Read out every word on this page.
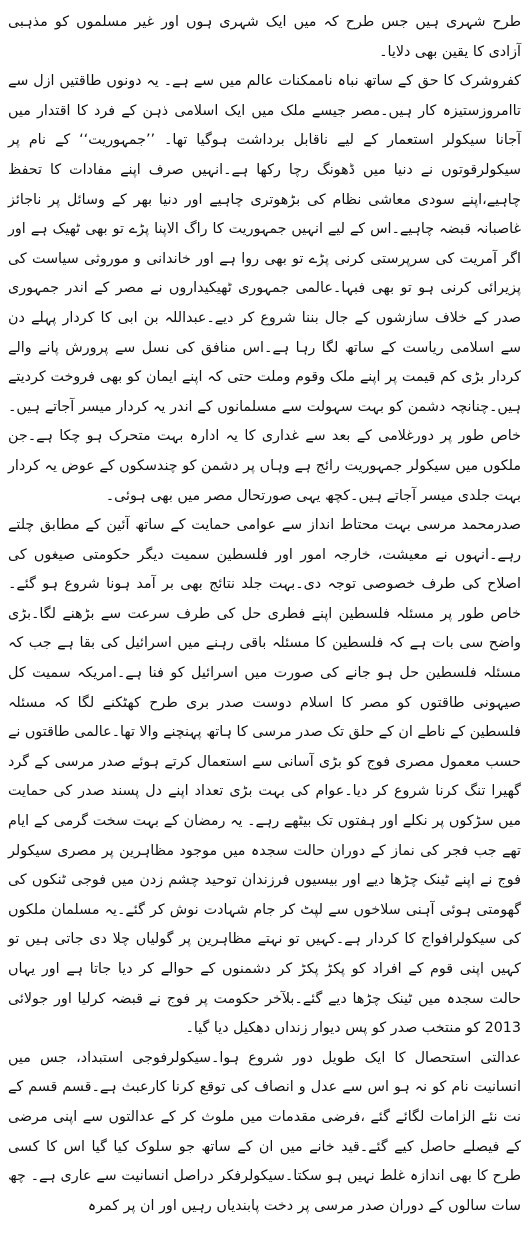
طرح شہری ہیں جس طرح کہ میں ایک شہری ہوں اور غیر مسلموں کو مذہبی آزادی کا یقین بھی دلایا۔

کفروشرک کا حق کے ساتھ نباہ ناممکنات عالم میں سے ہے۔ یہ دونوں طاقتیں ازل سے تاامروزستیزہ کار ہیں۔مصر جیسے ملک میں ایک اسلامی ذہن کے فرد کا اقتدار میں آجانا سیکولر استعمار کے لیے ناقابل برداشت ہوگیا تھا۔ ’’جمہوریت‘‘ کے نام پر سیکولرقوتوں نے دنیا میں ڈھونگ رچا رکھا ہے۔انہیں صرف اپنے مفادات کا تحفظ چاہیے،اپنے سودی معاشی نظام کی بڑھوتری چاہیے اور دنیا بھر کے وسائل پر ناجائز غاصبانہ قبضہ چاہیے۔اس کے لیے انہیں جمہوریت کا راگ الاپنا پڑے تو بھی ٹھیک ہے اور اگر آمریت کی سرپرستی کرنی پڑے تو بھی روا ہے اور خاندانی و موروثی سیاست کی پزیرائی کرنی ہو تو بھی فبہا۔عالمی جمہوری ٹھیکیداروں نے مصر کے اندر جمہوری صدر کے خلاف سازشوں کے جال بننا شروع کر دیے۔عبداللہ بن ابی کا کردار پہلے دن سے اسلامی ریاست کے ساتھ لگا رہا ہے۔اس منافق کی نسل سے پرورش پانے والے کردار بڑی کم قیمت پر اپنے ملک وقوم وملت حتی کہ اپنے ایمان کو بھی فروخت کردیتے ہیں۔چنانچہ دشمن کو بہت سہولت سے مسلمانوں کے اندر یہ کردار میسر آجاتے ہیں۔خاص طور پر دورغلامی کے بعد سے غداری کا یہ ادارہ بہت متحرک ہو چکا ہے۔جن ملکوں میں سیکولر جمہوریت رائج ہے وہاں پر دشمن کو چندسکوں کے عوض یہ کردار بہت جلدی میسر آجاتے ہیں۔کچھ یہی صورتحال مصر میں بھی ہوئی۔

صدرمحمد مرسی بہت محتاط انداز سے عوامی حمایت کے ساتھ آئین کے مطابق چلتے رہے۔انہوں نے معیشت، خارجہ امور اور فلسطین سمیت دیگر حکومتی صیغوں کی اصلاح کی طرف خصوصی توجہ دی۔بہت جلد نتائج بھی بر آمد ہونا شروع ہو گئے۔خاص طور پر مسئلہ فلسطین اپنے فطری حل کی طرف سرعت سے بڑھنے لگا۔بڑی واضح سی بات ہے کہ فلسطین کا مسئلہ باقی رہنے میں اسرائیل کی بقا ہے جب کہ مسئلہ فلسطین حل ہو جانے کی صورت میں اسرائیل کو فنا ہے۔امریکہ سمیت کل صیہونی طاقتوں کو مصر کا اسلام دوست صدر بری طرح کھٹکنے لگا کہ مسئلہ فلسطین کے ناطے ان کے حلق تک صدر مرسی کا ہاتھ پہنچنے والا تھا۔عالمی طاقتوں نے حسب معمول مصری فوج کو بڑی آسانی سے استعمال کرتے ہوئے صدر مرسی کے گرد گھیرا تنگ کرنا شروع کر دیا۔عوام کی بہت بڑی تعداد اپنے دل پسند صدر کی حمایت میں سڑکوں پر نکلے اور ہفتوں تک بیٹھے رہے۔ یہ رمضان کے بہت سخت گرمی کے ایام تھے جب فجر کی نماز کے دوران حالت سجدہ میں موجود مظاہرین پر مصری سیکولر فوج نے اپنے ٹینک چڑھا دیے اور بیسیوں فرزندان توحید چشم زدن میں فوجی ٹنکوں کی گھومتی ہوئی آہنی سلاخوں سے لپٹ کر جام شہادت نوش کر گئے۔یہ مسلمان ملکوں کی سیکولرافواج کا کردار ہے۔کہیں تو نہتے مظاہرین پر گولیاں چلا دی جاتی ہیں تو کہیں اپنی قوم کے افراد کو پکڑ پکڑ کر دشمنوں کے حوالے کر دیا جاتا ہے اور یہاں حالت سجدہ میں ٹینک چڑھا دیے گئے۔بلآخر حکومت پر فوج نے قبضہ کرلیا اور جولائی 2013 کو منتخب صدر کو پس دیوار زنداں دھکیل دیا گیا۔

عدالتی استحصال کا ایک طویل دور شروع ہوا۔سیکولرفوجی استبداد، جس میں انسانیت نام کو نہ ہو اس سے عدل و انصاف کی توقع کرنا کارعبث ہے۔قسم قسم کے نت نئے الزامات لگائے گئے ،فرضی مقدمات میں ملوث کر کے عدالتوں سے اپنی مرضی کے فیصلے حاصل کیے گئے۔قید خانے میں ان کے ساتھ جو سلوک کیا گیا اس کا کسی طرح کا بھی اندازہ غلط نہیں ہو سکتا۔سیکولرفکر دراصل انسانیت سے عاری ہے۔ چھ سات سالوں کے دوران صدر مرسی پر دخت پابندیاں رہیں اور ان پر کمرہ
